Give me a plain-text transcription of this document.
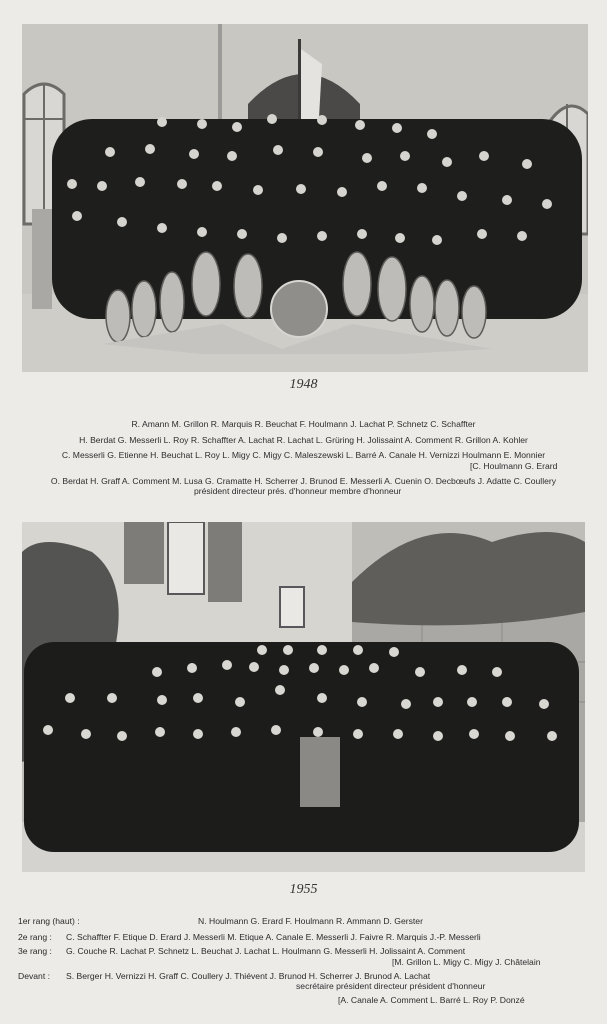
1948
R. Amann M. Grillon R. Marquis R. Beuchat F. Houlmann J. Lachat P. Schnetz C. Schaffter
H. Berdat G. Messerli L. Roy R. Schaffter A. Lachat R. Lachat L. Grüring H. Jolissaint A. Comment R. Grillon A. Kohler
C. Messerli G. Etienne H. Beuchat L. Roy L. Migy C. Migy C. Maleszewski L. Barré A. Canale H. Vernizzi Houlmann E. Monnier
[C. Houlmann G. Erard
O. Berdat H. Graff A. Comment M. Lusa G. Cramatte H. Scherrer J. Brunod E. Messerli A. Cuenin O. Decbœufs J. Adatte C. Coullery
président directeur prés. d'honneur membre d'honneur
1955
1er rang (haut) :	N. Houlmann G. Erard F. Houlmann R. Ammann D. Gerster
2e rang : C. Schaffter F. Etique D. Erard J. Messerli M. Etique A. Canale E. Messerli J. Faivre R. Marquis J.-P. Messerli
3e rang : G. Couche R. Lachat P. Schnetz L. Beuchat J. Lachat L. Houlmann G. Messerli H. Jolissaint A. Comment
[M. Grillon L. Migy C. Migy J. Châtelain
Devant : S. Berger H. Vernizzi H. Graff C. Coullery J. Thiévent J. Brunod H. Scherrer J. Brunod A. Lachat
secrétaire président directeur président d'honneur
[A. Canale A. Comment L. Barré L. Roy P. Donzé
